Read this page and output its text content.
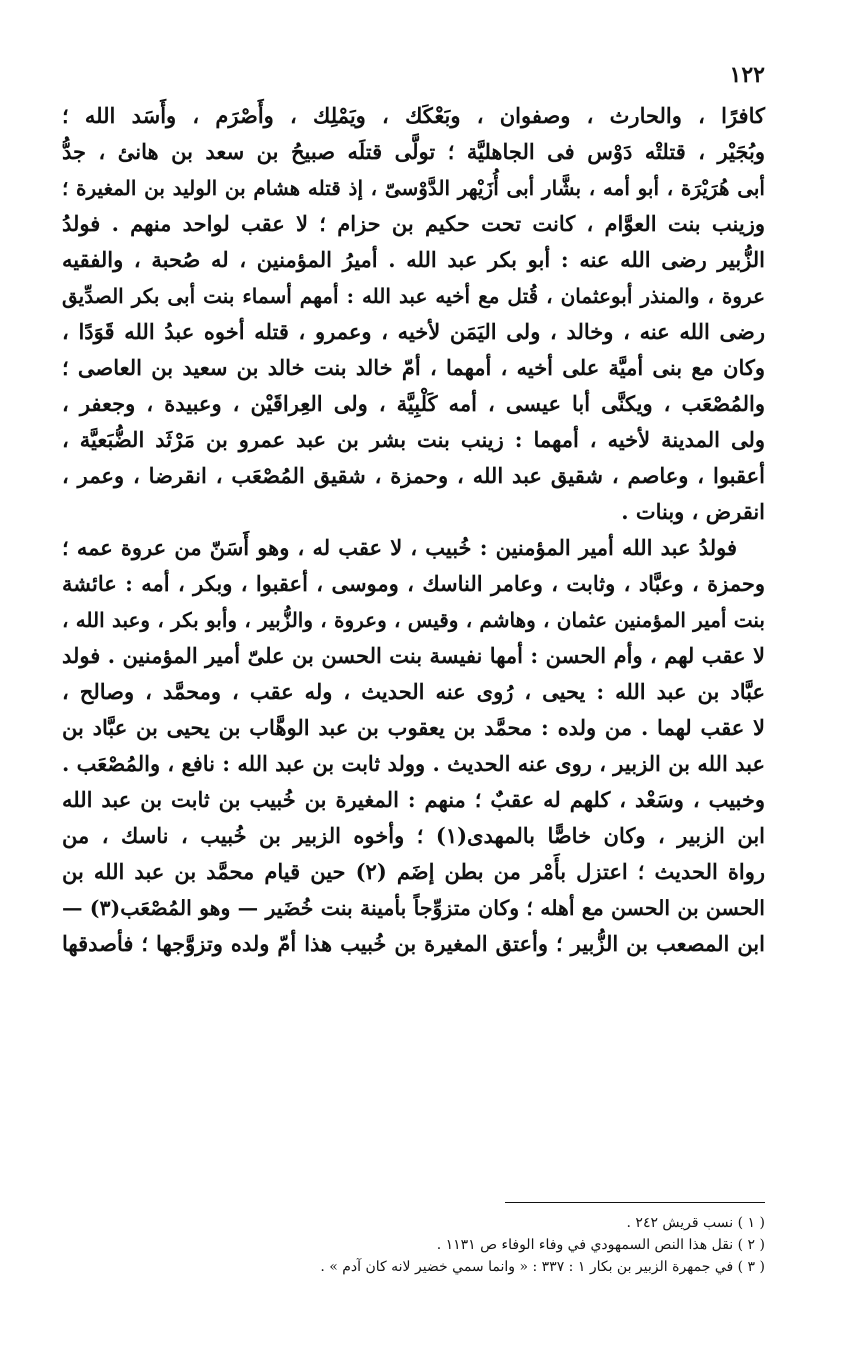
١٢٢
كافرًا ، والحارث ، وصفوان ، وبَعْكَك ، ويَمْلِك ، وأَصْرَم ، وأَسَد الله ؛
وبُجَيْر ، قتلتْه دَوْس فى الجاهليَّة ؛ تولَّى قتلَه صبيحُ بن سعد بن هانئ ، جدُّ
أبى هُرَيْرَة ، أبو أمه ، بشَّار أبى أُزَيْهر الدَّوْسىّ ، إذ قتله هشام بن الوليد بن المغيرة ؛
وزينب بنت العوَّام ، كانت تحت حكيم بن حزام ؛ لا عقب لواحد منهم . فولدُ
الزُّبير رضى الله عنه : أبو بكر عبد الله . أميرُ المؤمنين ، له صُحبة ، والفقيه
عروة ، والمنذر أبوعثمان ، قُتل مع أخيه عبد الله : أمهم أسماء بنت أبى بكر الصدِّيق
رضى الله عنه ، وخالد ، ولى اليَمَن لأخيه ، وعمرو ، قتله أخوه عبدُ الله قَوَدًا ،
وكان مع بنى أميَّة على أخيه ، أمهما ، أمّ خالد بنت خالد بن سعيد بن العاصى ؛
والمُصْعَب ، ويكنَّى أبا عيسى ، أمه كَلْبِيَّة ، ولى العِراقَيْن ، وعبيدة ، وجعفر ،
ولى المدينة لأخيه ، أمهما : زينب بنت بشر بن عبد عمرو بن مَرْثَد الضُّبَعيَّة ،
أعقبوا ، وعاصم ، شقيق عبد الله ، وحمزة ، شقيق المُصْعَب ، انقرضا ، وعمر ،
انقرض ، وبنات .
فولدُ عبد الله أمير المؤمنين : خُبيب ، لا عقب له ، وهو أَسَنّ من عروة عمه ؛
وحمزة ، وعبَّاد ، وثابت ، وعامر الناسك ، وموسى ، أعقبوا ، وبكر ، أمه : عائشة
بنت أمير المؤمنين عثمان ، وهاشم ، وقيس ، وعروة ، والزُّبير ، وأبو بكر ، وعبد الله ،
لا عقب لهم ، وأم الحسن : أمها نفيسة بنت الحسن بن علىّ أمير المؤمنين . فولد
عبَّاد بن عبد الله : يحيى ، رُوى عنه الحديث ، وله عقب ، ومحمَّد ، وصالح ،
لا عقب لهما . من ولده : محمَّد بن يعقوب بن عبد الوهَّاب بن يحيى بن عبَّاد بن
عبد الله بن الزبير ، روى عنه الحديث . وولد ثابت بن عبد الله : نافع ، والمُصْعَب .
وخبيب ، وسَعْد ، كلهم له عقبٌ ؛ منهم : المغيرة بن خُبيب بن ثابت بن عبد الله
ابن الزبير ، وكان خاصًّا بالمهدى(١) ؛ وأخوه الزبير بن خُبيب ، ناسك ، من
رواة الحديث ؛ اعتزل بأَمْر من بطن إضَم (٢) حين قيام محمَّد بن عبد الله بن
الحسن بن الحسن مع أهله ؛ وكان متزوِّجاً بأمينة بنت خُضَير — وهو المُصْعَب(٣) —
ابن المصعب بن الزُّبير ؛ وأعتق المغيرة بن خُبيب هذا أمّ ولده وتزوَّجها ؛ فأصدقها
( ١ ) نسب قريش ٢٤٢ .
( ٢ ) نقل هذا النص السمهودي في وفاء الوفاء ص ١١٣١ .
( ٣ ) في جمهرة الزبير بن بكار ١ : ٣٣٧ : « وانما سمي خضير لانه كان آدم » .
